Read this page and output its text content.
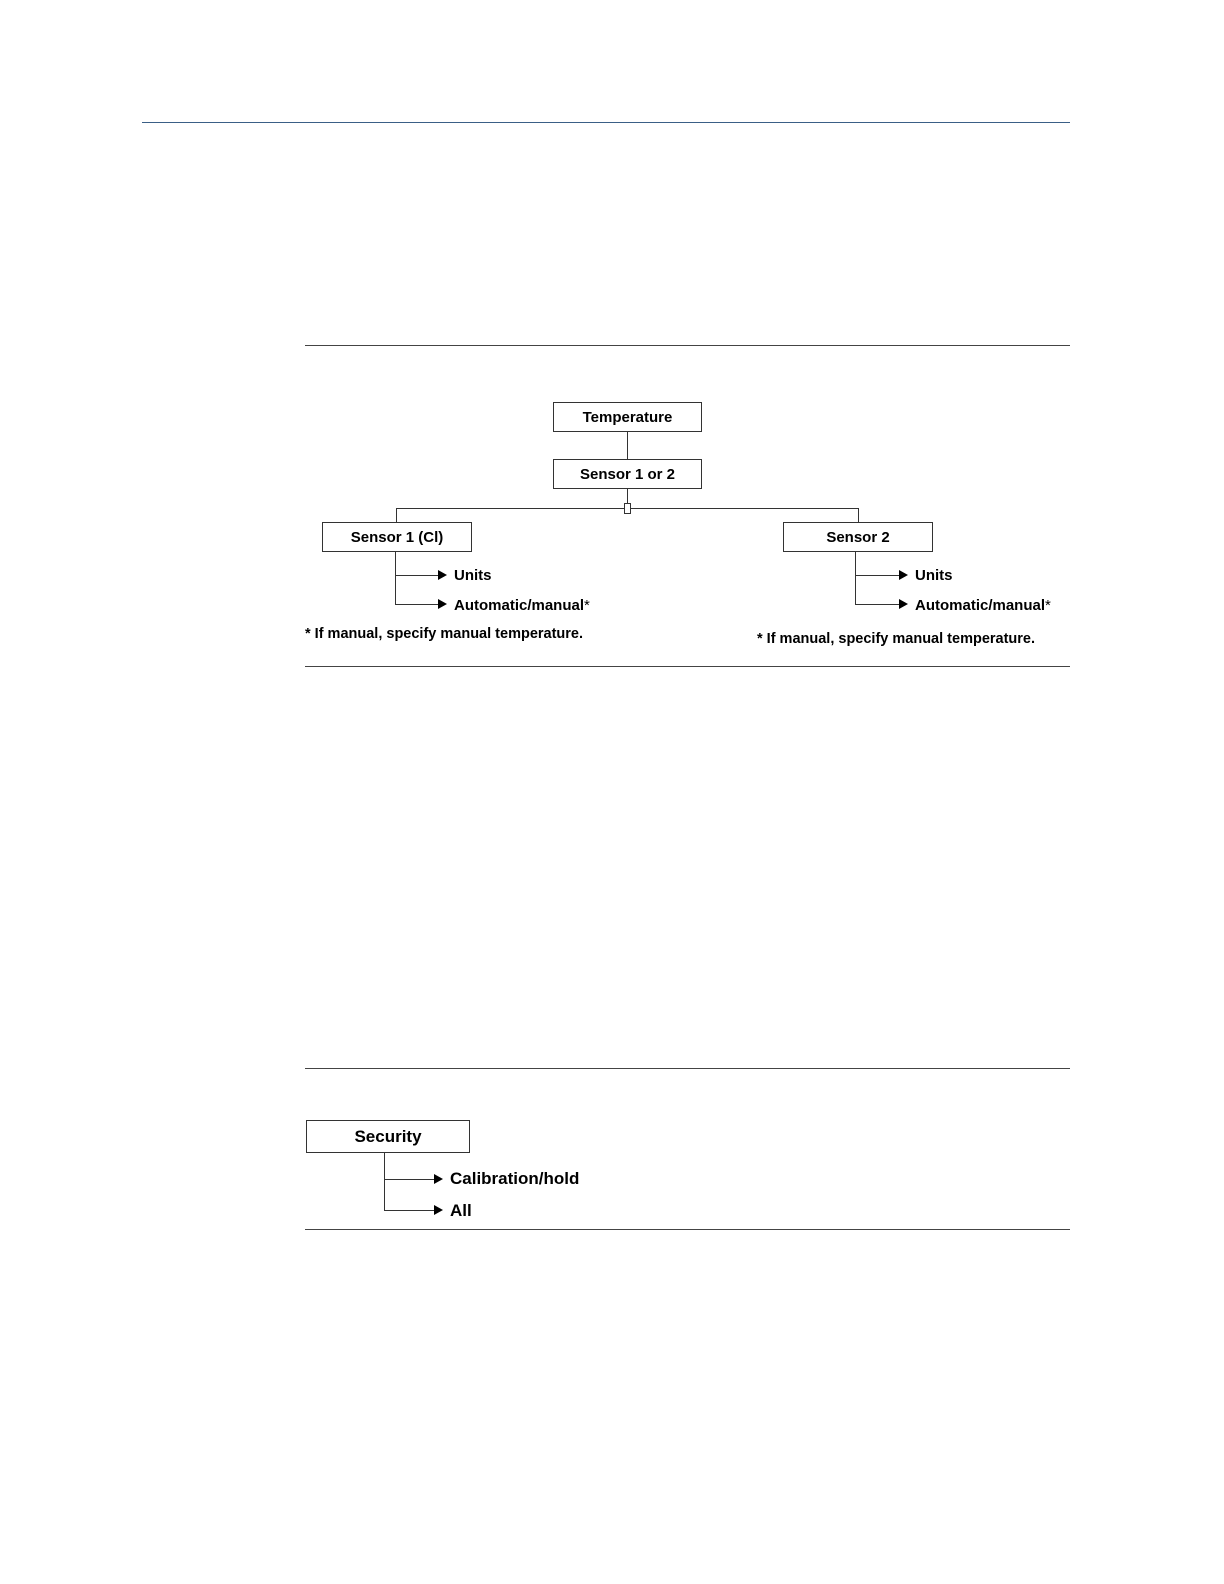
Temperature
Sensor 1 or 2
Sensor 1 (Cl)
Units
Automatic/manual*
* If manual, specify manual temperature.
Sensor 2
Units
Automatic/manual*
* If manual, specify manual temperature.
Security
Calibration/hold
All
